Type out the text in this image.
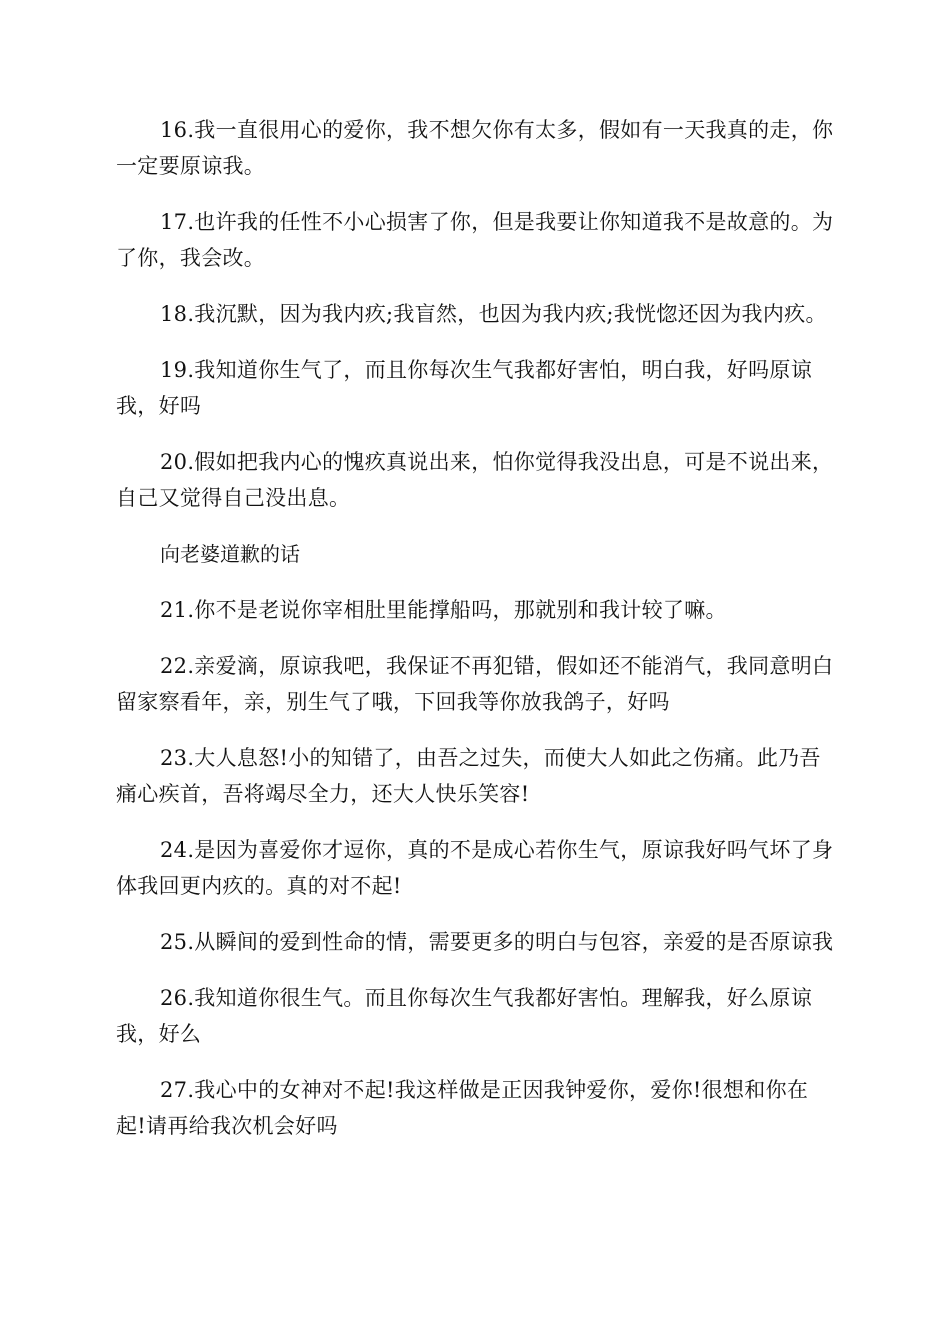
16.我一直很用心的爱你，我不想欠你有太多，假如有一天我真的走，你一定要原谅我。

17.也许我的任性不小心损害了你，但是我要让你知道我不是故意的。为了你，我会改。

18.我沉默，因为我内疚;我盲然，也因为我内疚;我恍惚还因为我内疚。

19.我知道你生气了，而且你每次生气我都好害怕，明白我，好吗原谅我，好吗

20.假如把我内心的愧疚真说出来，怕你觉得我没出息，可是不说出来，自己又觉得自己没出息。

向老婆道歉的话

21.你不是老说你宰相肚里能撑船吗，那就别和我计较了嘛。

22.亲爱滴，原谅我吧，我保证不再犯错，假如还不能消气，我同意明白留家察看年，亲，别生气了哦，下回我等你放我鸽子，好吗

23.大人息怒!小的知错了，由吾之过失，而使大人如此之伤痛。此乃吾痛心疾首，吾将竭尽全力，还大人快乐笑容!

24.是因为喜爱你才逗你，真的不是成心若你生气，原谅我好吗气坏了身体我回更内疚的。真的对不起!

25.从瞬间的爱到性命的情，需要更多的明白与包容，亲爱的是否原谅我

26.我知道你很生气。而且你每次生气我都好害怕。理解我，好么原谅我，好么

27.我心中的女神对不起!我这样做是正因我钟爱你，爱你!很想和你在起!请再给我次机会好吗
